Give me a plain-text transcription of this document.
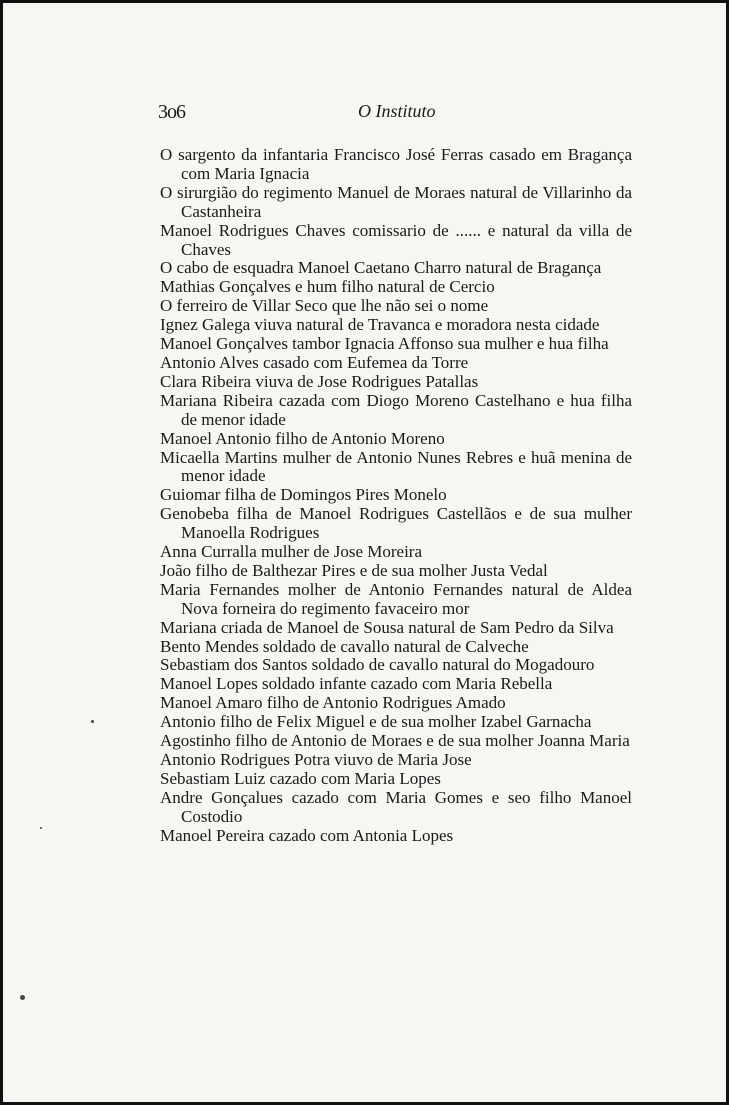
3o6	O Instituto

O sargento da infantaria Francisco José Ferras casado em Bragança com Maria Ignacia

O sirurgião do regimento Manuel de Moraes natural de Villarinho da Castanheira

Manoel Rodrigues Chaves comissario de ...... e natural da villa de Chaves

O cabo de esquadra Manoel Caetano Charro natural de Bragança

Mathias Gonçalves e hum filho natural de Cercio

O ferreiro de Villar Seco que lhe não sei o nome

Ignez Galega viuva natural de Travanca e moradora nesta cidade

Manoel Gonçalves tambor Ignacia Affonso sua mulher e hua filha

Antonio Alves casado com Eufemea da Torre

Clara Ribeira viuva de Jose Rodrigues Patallas

Mariana Ribeira cazada com Diogo Moreno Castelhano e hua filha de menor idade

Manoel Antonio filho de Antonio Moreno

Micaella Martins mulher de Antonio Nunes Rebres e huã menina de menor idade

Guiomar filha de Domingos Pires Monelo

Genobeba filha de Manoel Rodrigues Castellãos e de sua mulher Manoella Rodrigues

Anna Curralla mulher de Jose Moreira

João filho de Balthezar Pires e de sua molher Justa Vedal

Maria Fernandes molher de Antonio Fernandes natural de Aldea Nova forneira do regimento favaceiro mor

Mariana criada de Manoel de Sousa natural de Sam Pedro da Silva

Bento Mendes soldado de cavallo natural de Calveche

Sebastiam dos Santos soldado de cavallo natural do Mogadouro

Manoel Lopes soldado infante cazado com Maria Rebella

Manoel Amaro filho de Antonio Rodrigues Amado

Antonio filho de Felix Miguel e de sua molher Izabel Garnacha

Agostinho filho de Antonio de Moraes e de sua molher Joanna Maria

Antonio Rodrigues Potra viuvo de Maria Jose

Sebastiam Luiz cazado com Maria Lopes

Andre Gonçalues cazado com Maria Gomes e seo filho Manoel Costodio

Manoel Pereira cazado com Antonia Lopes
